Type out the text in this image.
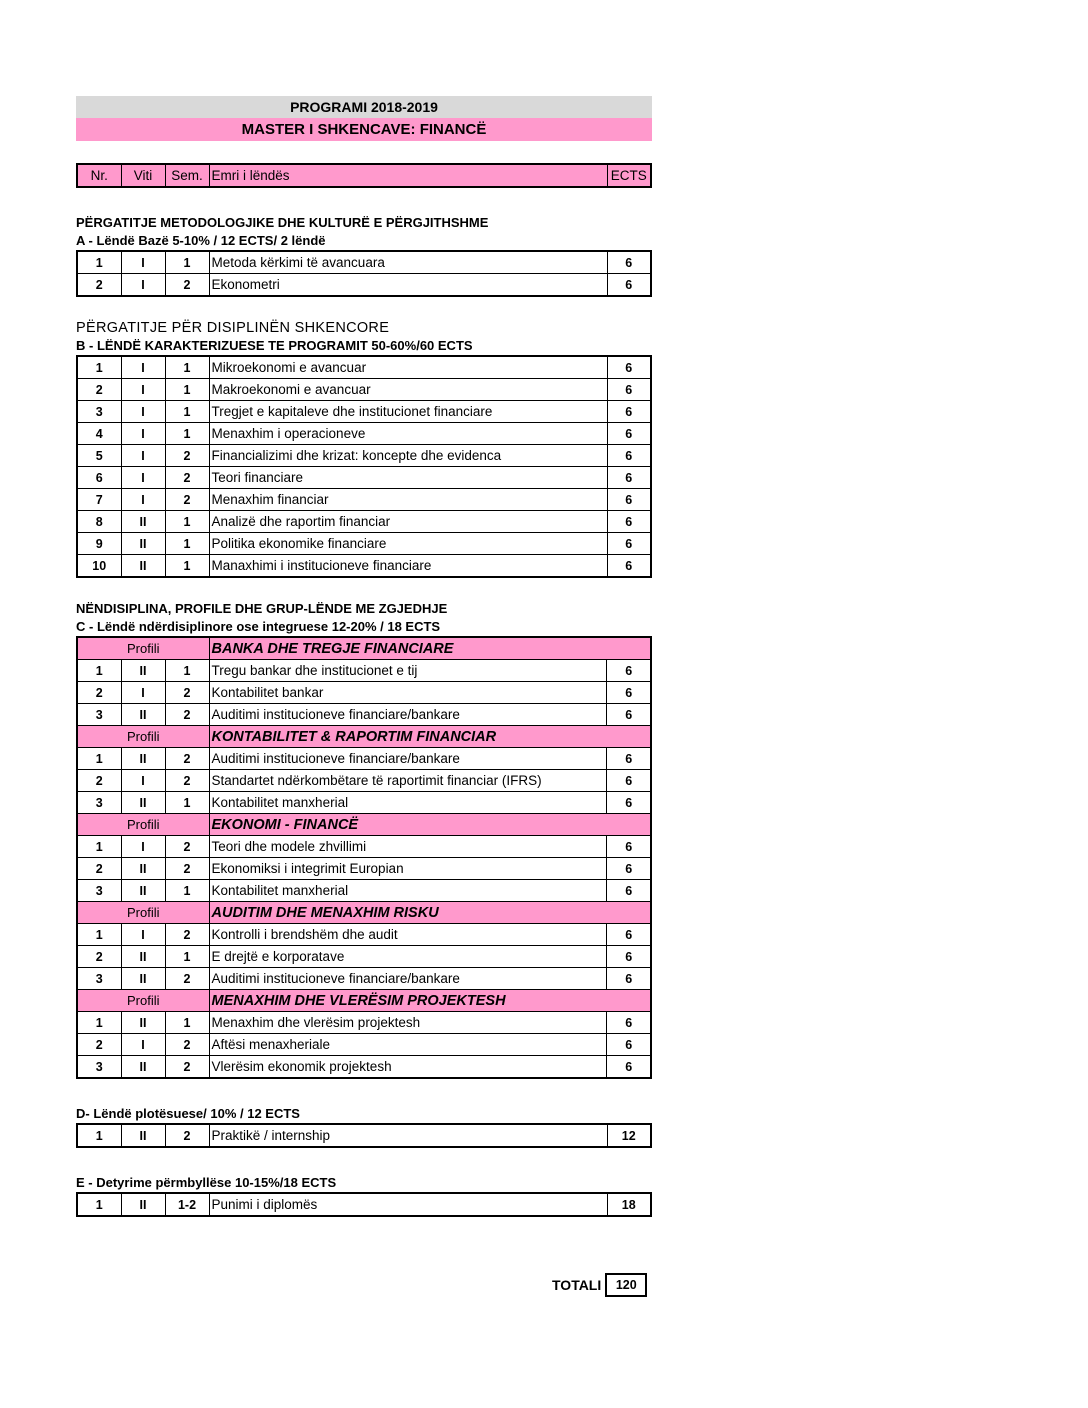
PROGRAMI 2018-2019
MASTER I SHKENCAVE: FINANCË
Nr.	Viti	Sem.	Emri i lëndës	ECTS
PËRGATITJE METODOLOGJIKE DHE KULTURË E PËRGJITHSHME
A - Lëndë Bazë 5-10% / 12 ECTS/ 2 lëndë
1	I	1	Metoda kërkimi të avancuara	6
2	I	2	Ekonometri	6
PËRGATITJE PËR DISIPLINËN SHKENCORE
B - LËNDË KARAKTERIZUESE TE PROGRAMIT 50-60%/60 ECTS
1	I	1	Mikroekonomi e avancuar	6
2	I	1	Makroekonomi e avancuar	6
3	I	1	Tregjet e kapitaleve dhe institucionet financiare	6
4	I	1	Menaxhim i operacioneve	6
5	I	2	Financializimi dhe krizat: koncepte dhe evidenca	6
6	I	2	Teori financiare	6
7	I	2	Menaxhim financiar	6
8	II	1	Analizë dhe raportim financiar	6
9	II	1	Politika ekonomike financiare	6
10	II	1	Manaxhimi i institucioneve financiare	6
NËNDISIPLINA, PROFILE DHE GRUP-LËNDE ME ZGJEDHJE
C - Lëndë ndërdisiplinore ose integruese 12-20% / 18 ECTS
Profili			BANKA DHE TREGJE FINANCIARE	
1	II	1	Tregu bankar dhe institucionet e tij	6
2	I	2	Kontabilitet bankar	6
3	II	2	Auditimi institucioneve financiare/bankare	6
Profili			KONTABILITET & RAPORTIM FINANCIAR	
1	II	2	Auditimi institucioneve financiare/bankare	6
2	I	2	Standartet ndërkombëtare të raportimit financiar (IFRS)	6
3	II	1	Kontabilitet manxherial	6
Profili			EKONOMI - FINANCË	
1	I	2	Teori dhe modele zhvillimi	6
2	II	2	Ekonomiksi i integrimit Europian	6
3	II	1	Kontabilitet manxherial	6
Profili			AUDITIM DHE MENAXHIM RISKU	
1	I	2	Kontrolli i brendshëm dhe audit	6
2	II	1	E drejtë e korporatave	6
3	II	2	Auditimi institucioneve financiare/bankare	6
Profili			MENAXHIM DHE VLERËSIM PROJEKTESH	
1	II	1	Menaxhim dhe vlerësim projektesh	6
2	I	2	Aftësi menaxheriale	6
3	II	2	Vlerësim ekonomik projektesh	6
D- Lëndë plotësuese/ 10% / 12 ECTS
1	II	2	Praktikë / internship	12
E - Detyrime përmbyllëse 10-15%/18 ECTS
1	II	1-2	Punimi i diplomës	18
TOTALI	120
